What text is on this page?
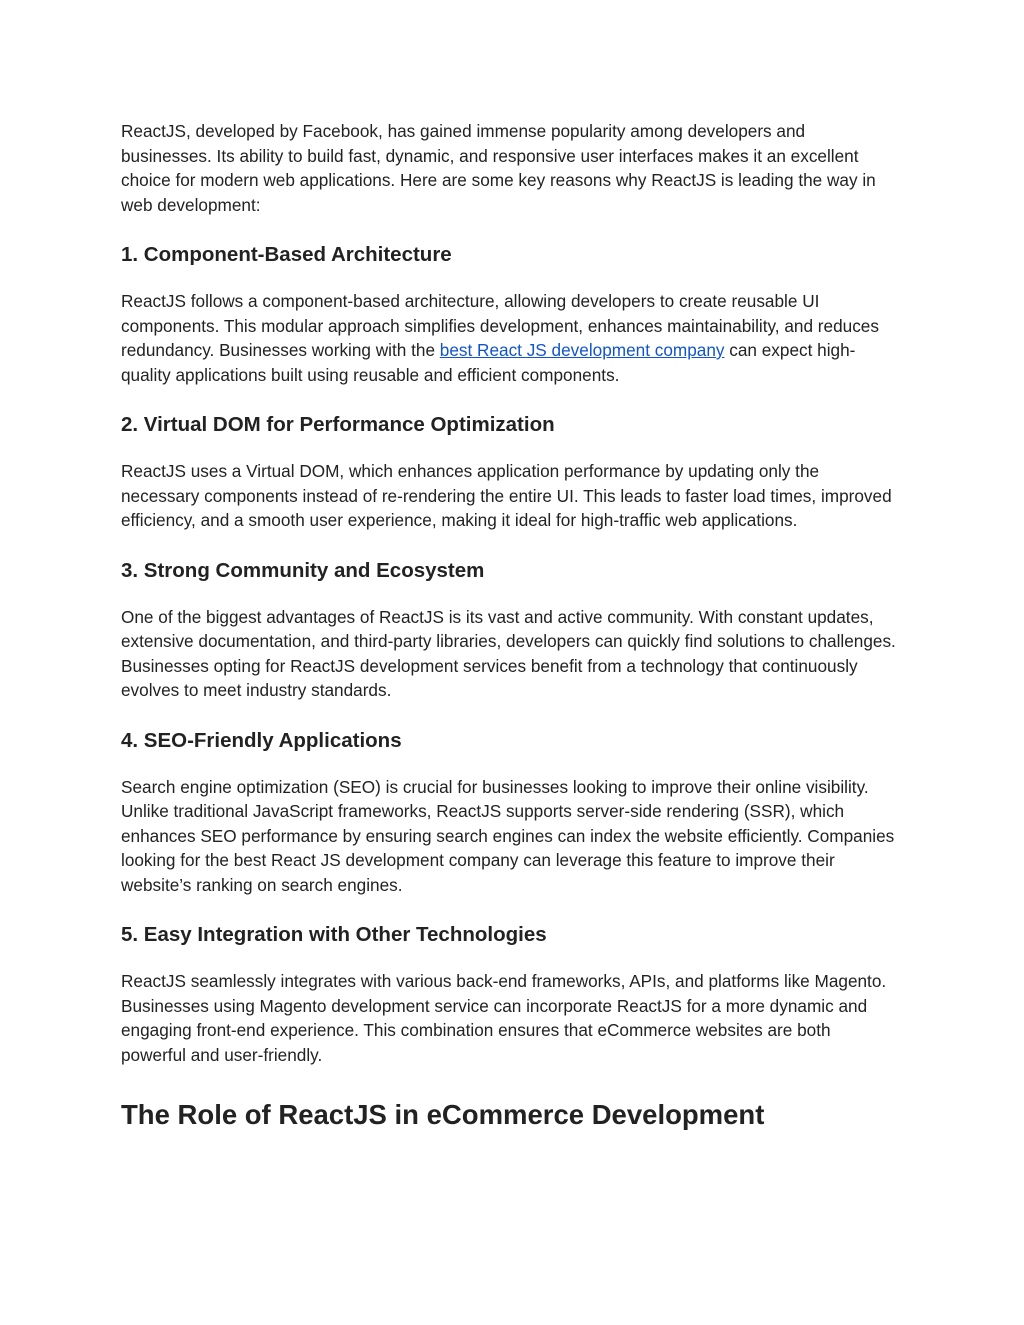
ReactJS, developed by Facebook, has gained immense popularity among developers and businesses. Its ability to build fast, dynamic, and responsive user interfaces makes it an excellent choice for modern web applications. Here are some key reasons why ReactJS is leading the way in web development:

1. Component-Based Architecture

ReactJS follows a component-based architecture, allowing developers to create reusable UI components. This modular approach simplifies development, enhances maintainability, and reduces redundancy. Businesses working with the best React JS development company can expect high-quality applications built using reusable and efficient components.

2. Virtual DOM for Performance Optimization

ReactJS uses a Virtual DOM, which enhances application performance by updating only the necessary components instead of re-rendering the entire UI. This leads to faster load times, improved efficiency, and a smooth user experience, making it ideal for high-traffic web applications.

3. Strong Community and Ecosystem

One of the biggest advantages of ReactJS is its vast and active community. With constant updates, extensive documentation, and third-party libraries, developers can quickly find solutions to challenges. Businesses opting for ReactJS development services benefit from a technology that continuously evolves to meet industry standards.

4. SEO-Friendly Applications

Search engine optimization (SEO) is crucial for businesses looking to improve their online visibility. Unlike traditional JavaScript frameworks, ReactJS supports server-side rendering (SSR), which enhances SEO performance by ensuring search engines can index the website efficiently. Companies looking for the best React JS development company can leverage this feature to improve their website’s ranking on search engines.

5. Easy Integration with Other Technologies

ReactJS seamlessly integrates with various back-end frameworks, APIs, and platforms like Magento. Businesses using Magento development service can incorporate ReactJS for a more dynamic and engaging front-end experience. This combination ensures that eCommerce websites are both powerful and user-friendly.

The Role of ReactJS in eCommerce Development
